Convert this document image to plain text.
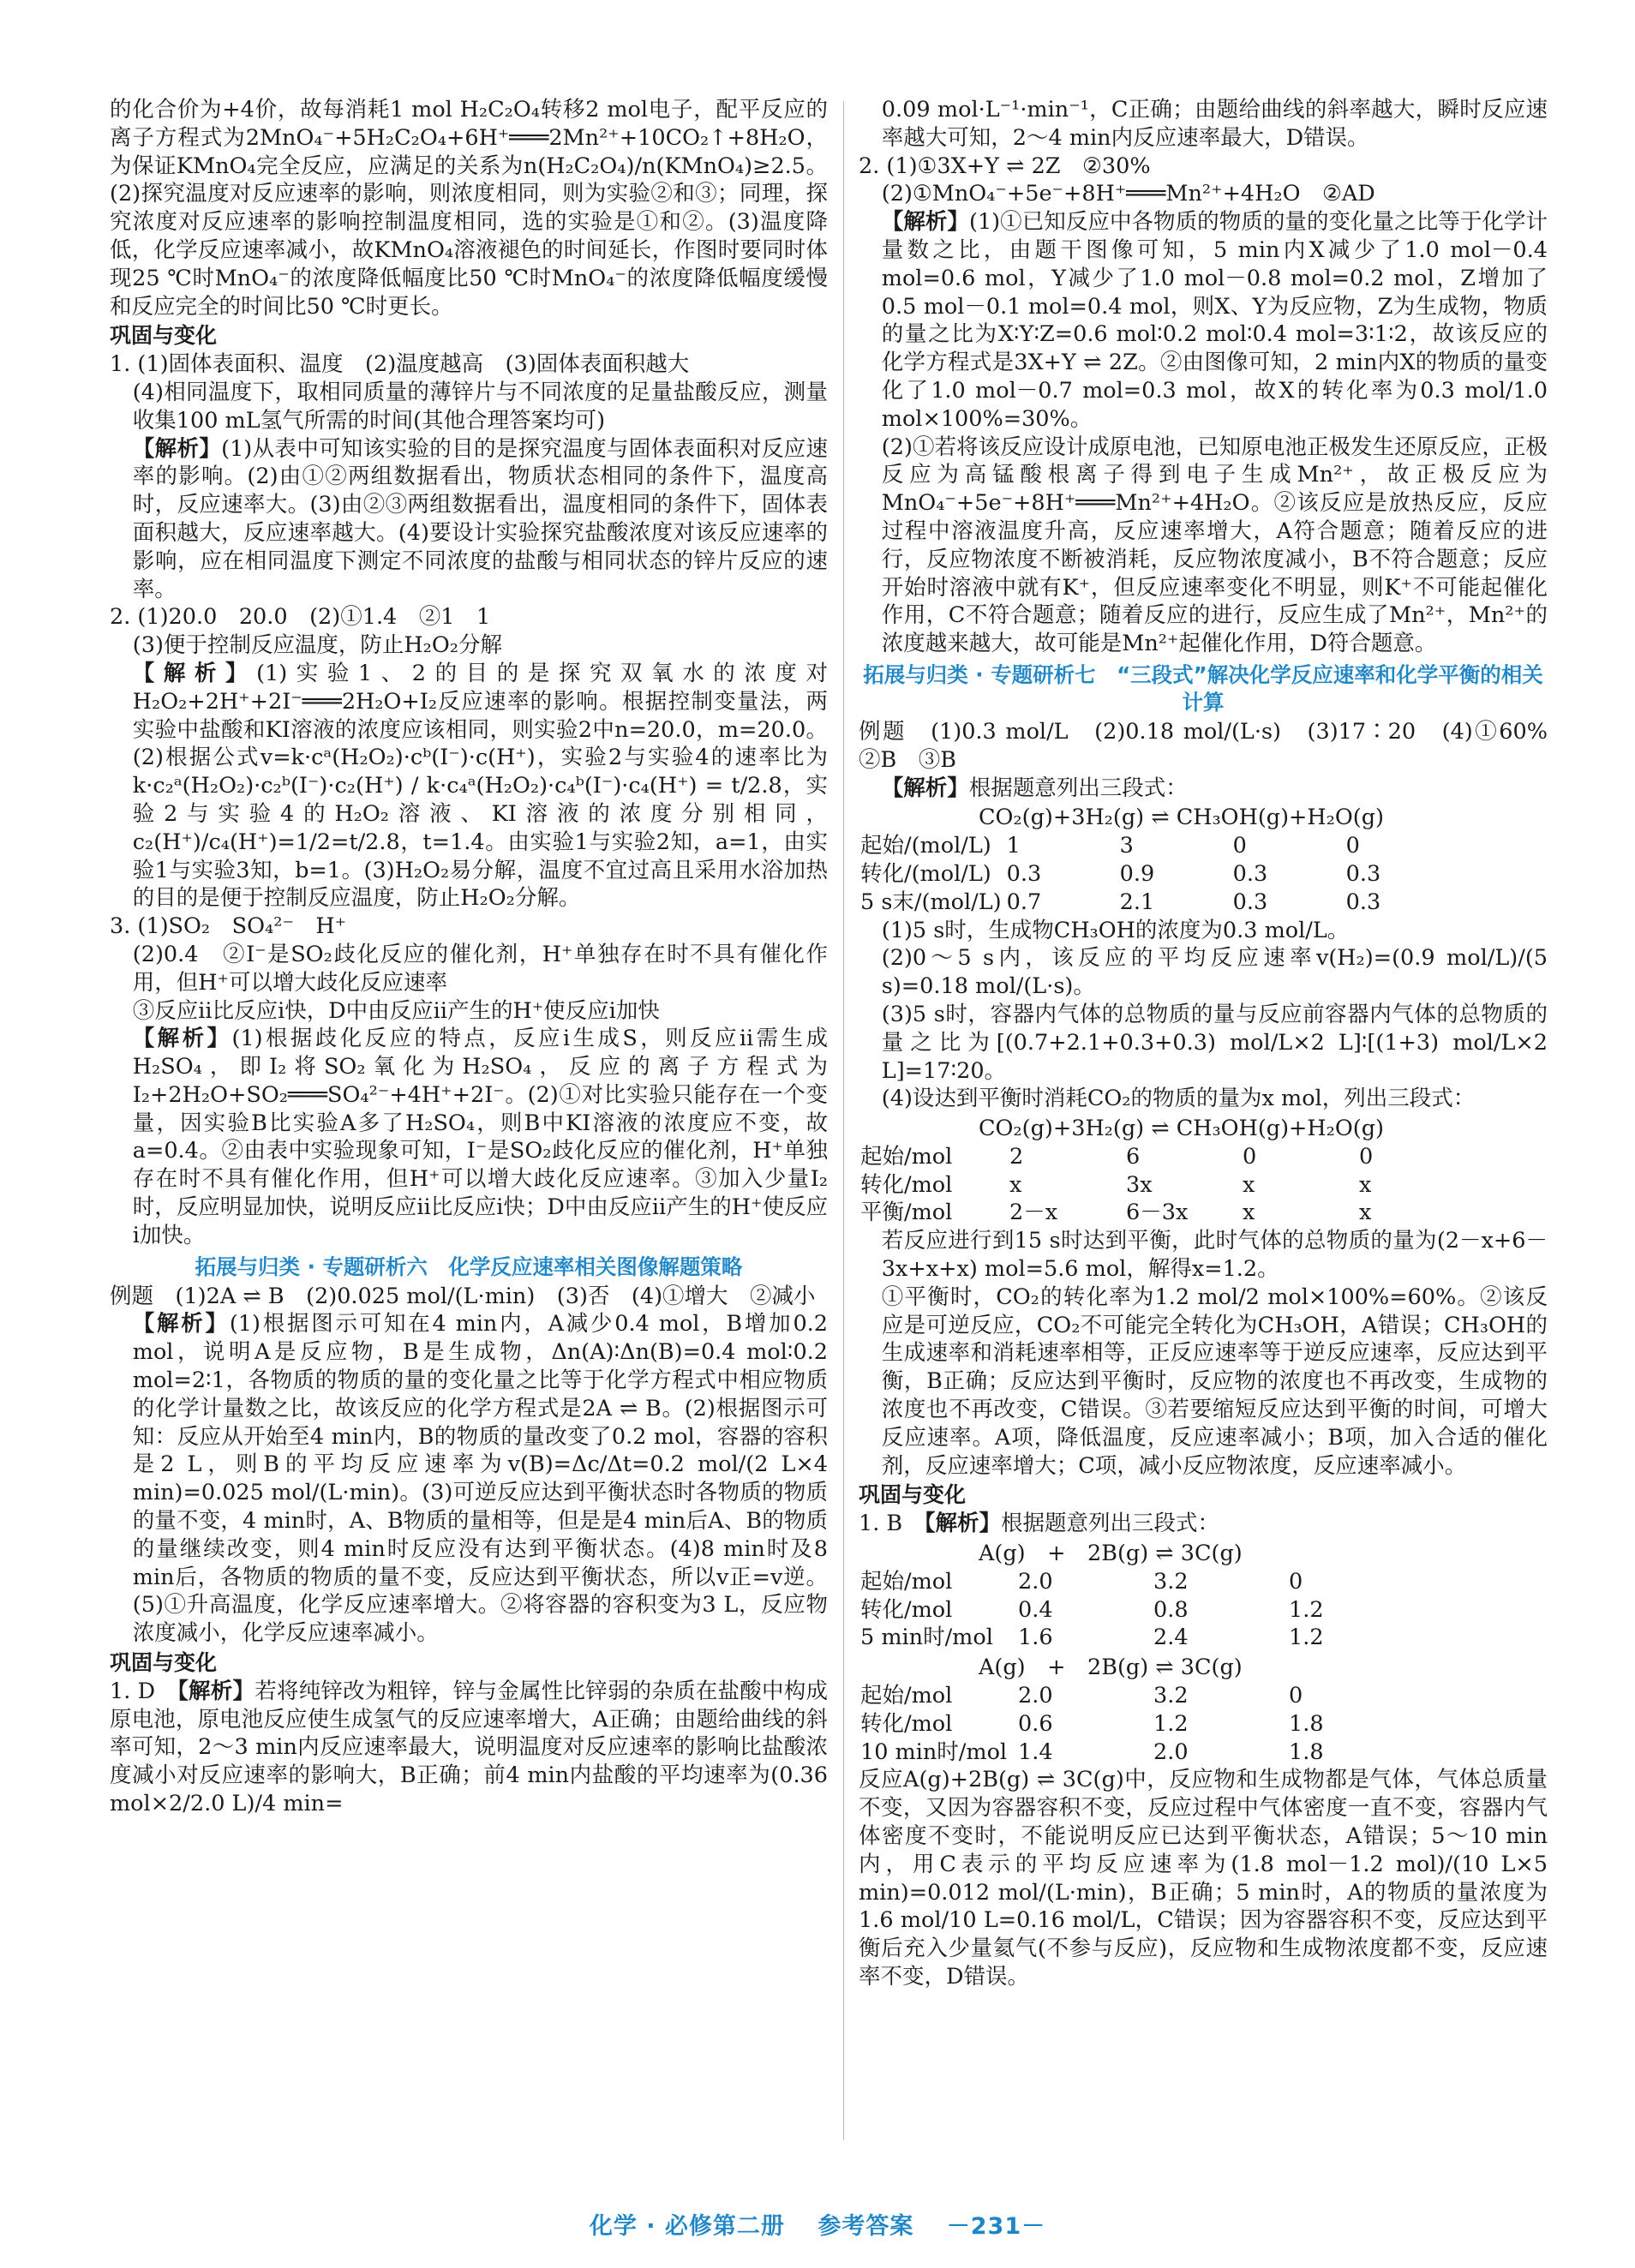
的化合价为+4价，故每消耗1 mol H₂C₂O₄转移2 mol电子，配平反应的离子方程式为2MnO₄⁻+5H₂C₂O₄+6H⁺═══2Mn²⁺+10CO₂↑+8H₂O，为保证KMnO₄完全反应，应满足的关系为n(H₂C₂O₄)/n(KMnO₄)≥2.5。(2)探究温度对反应速率的影响，则浓度相同，则为实验②和③；同理，探究浓度对反应速率的影响控制温度相同，选的实验是①和②。(3)温度降低，化学反应速率减小，故KMnO₄溶液褪色的时间延长，作图时要同时体现25 ℃时MnO₄⁻的浓度降低幅度比50 ℃时MnO₄⁻的浓度降低幅度缓慢和反应完全的时间比50 ℃时更长。

巩固与变化

1. (1)固体表面积、温度　(2)温度越高　(3)固体表面积越大

(4)相同温度下，取相同质量的薄锌片与不同浓度的足量盐酸反应，测量收集100 mL氢气所需的时间(其他合理答案均可)

【解析】(1)从表中可知该实验的目的是探究温度与固体表面积对反应速率的影响。(2)由①②两组数据看出，物质状态相同的条件下，温度高时，反应速率大。(3)由②③两组数据看出，温度相同的条件下，固体表面积越大，反应速率越大。(4)要设计实验探究盐酸浓度对该反应速率的影响，应在相同温度下测定不同浓度的盐酸与相同状态的锌片反应的速率。

2. (1)20.0　20.0　(2)①1.4　②1　1

(3)便于控制反应温度，防止H₂O₂分解

【解析】(1)实验1、2的目的是探究双氧水的浓度对H₂O₂+2H⁺+2I⁻═══2H₂O+I₂反应速率的影响。根据控制变量法，两实验中盐酸和KI溶液的浓度应该相同，则实验2中n=20.0，m=20.0。(2)根据公式v=k·cᵃ(H₂O₂)·cᵇ(I⁻)·c(H⁺)，实验2与实验4的速率比为k·c₂ᵃ(H₂O₂)·c₂ᵇ(I⁻)·c₂(H⁺) / k·c₄ᵃ(H₂O₂)·c₄ᵇ(I⁻)·c₄(H⁺) = t/2.8，实验2与实验4的H₂O₂溶液、KI溶液的浓度分别相同，c₂(H⁺)/c₄(H⁺)=1/2=t/2.8，t=1.4。由实验1与实验2知，a=1，由实验1与实验3知，b=1。(3)H₂O₂易分解，温度不宜过高且采用水浴加热的目的是便于控制反应温度，防止H₂O₂分解。

3. (1)SO₂　SO₄²⁻　H⁺

(2)0.4　②I⁻是SO₂歧化反应的催化剂，H⁺单独存在时不具有催化作用，但H⁺可以增大歧化反应速率

③反应ⅱ比反应ⅰ快，D中由反应ⅱ产生的H⁺使反应ⅰ加快

【解析】(1)根据歧化反应的特点，反应ⅰ生成S，则反应ⅱ需生成H₂SO₄，即I₂将SO₂氧化为H₂SO₄，反应的离子方程式为I₂+2H₂O+SO₂═══SO₄²⁻+4H⁺+2I⁻。(2)①对比实验只能存在一个变量，因实验B比实验A多了H₂SO₄，则B中KI溶液的浓度应不变，故a=0.4。②由表中实验现象可知，I⁻是SO₂歧化反应的催化剂，H⁺单独存在时不具有催化作用，但H⁺可以增大歧化反应速率。③加入少量I₂时，反应明显加快，说明反应ⅱ比反应ⅰ快；D中由反应ⅱ产生的H⁺使反应ⅰ加快。

拓展与归类 · 专题研析六　化学反应速率相关图像解题策略

例题　(1)2A ⇌ B　(2)0.025 mol/(L·min)　(3)否　(4)①增大　②减小

【解析】(1)根据图示可知在4 min内，A减少0.4 mol，B增加0.2 mol，说明A是反应物，B是生成物，Δn(A)∶Δn(B)=0.4 mol∶0.2 mol=2∶1，各物质的物质的量的变化量之比等于化学方程式中相应物质的化学计量数之比，故该反应的化学方程式是2A ⇌ B。(2)根据图示可知：反应从开始至4 min内，B的物质的量改变了0.2 mol，容器的容积是2 L，则B的平均反应速率为v(B)=Δc/Δt=0.2 mol/(2 L×4 min)=0.025 mol/(L·min)。(3)可逆反应达到平衡状态时各物质的物质的量不变，4 min时，A、B物质的量相等，但是是4 min后A、B的物质的量继续改变，则4 min时反应没有达到平衡状态。(4)8 min时及8 min后，各物质的物质的量不变，反应达到平衡状态，所以v正=v逆。(5)①升高温度，化学反应速率增大。②将容器的容积变为3 L，反应物浓度减小，化学反应速率减小。

巩固与变化

1. D　 【解析】若将纯锌改为粗锌，锌与金属性比锌弱的杂质在盐酸中构成原电池，原电池反应使生成氢气的反应速率增大，A正确；由题给曲线的斜率可知，2～3 min内反应速率最大，说明温度对反应速率的影响比盐酸浓度减小对反应速率的影响大，B正确；前4 min内盐酸的平均速率为(0.36 mol×2/2.0 L)/4 min=

0.09 mol·L⁻¹·min⁻¹，C正确；由题给曲线的斜率越大，瞬时反应速率越大可知，2～4 min内反应速率最大，D错误。

2. (1)①3X+Y ⇌ 2Z　②30%

(2)①MnO₄⁻+5e⁻+8H⁺═══Mn²⁺+4H₂O　②AD

【解析】(1)①已知反应中各物质的物质的量的变化量之比等于化学计量数之比，由题干图像可知，5 min内X减少了1.0 mol－0.4 mol=0.6 mol，Y减少了1.0 mol－0.8 mol=0.2 mol，Z增加了0.5 mol－0.1 mol=0.4 mol，则X、Y为反应物，Z为生成物，物质的量之比为X∶Y∶Z=0.6 mol∶0.2 mol∶0.4 mol=3∶1∶2，故该反应的化学方程式是3X+Y ⇌ 2Z。②由图像可知，2 min内X的物质的量变化了1.0 mol－0.7 mol=0.3 mol，故X的转化率为0.3 mol/1.0 mol×100%=30%。

(2)①若将该反应设计成原电池，已知原电池正极发生还原反应，正极反应为高锰酸根离子得到电子生成Mn²⁺，故正极反应为MnO₄⁻+5e⁻+8H⁺═══Mn²⁺+4H₂O。②该反应是放热反应，反应过程中溶液温度升高，反应速率增大，A符合题意；随着反应的进行，反应物浓度不断被消耗，反应物浓度减小，B不符合题意；反应开始时溶液中就有K⁺，但反应速率变化不明显，则K⁺不可能起催化作用，C不符合题意；随着反应的进行，反应生成了Mn²⁺，Mn²⁺的浓度越来越大，故可能是Mn²⁺起催化作用，D符合题意。

拓展与归类 · 专题研析七　“三段式”解决化学反应速率和化学平衡的相关计算

例题　(1)0.3 mol/L　(2)0.18 mol/(L·s)　(3)17∶20　(4)①60%　②B　③B

【解析】根据题意列出三段式：

CO₂(g)+3H₂(g) ⇌ CH₃OH(g)+H₂O(g)
起始/(mol/L)	1	3	0	0
转化/(mol/L)	0.3	0.9	0.3	0.3
5 s末/(mol/L)	0.7	2.1	0.3	0.3

(1)5 s时，生成物CH₃OH的浓度为0.3 mol/L。

(2)0～5 s内，该反应的平均反应速率v(H₂)=(0.9 mol/L)/(5 s)=0.18 mol/(L·s)。

(3)5 s时，容器内气体的总物质的量与反应前容器内气体的总物质的量之比为[(0.7+2.1+0.3+0.3) mol/L×2 L]∶[(1+3) mol/L×2 L]=17∶20。

(4)设达到平衡时消耗CO₂的物质的量为x mol，列出三段式：

CO₂(g)+3H₂(g) ⇌ CH₃OH(g)+H₂O(g)
起始/mol	2	6	0	0
转化/mol	x	3x	x	x
平衡/mol	2－x	6－3x	x	x

若反应进行到15 s时达到平衡，此时气体的总物质的量为(2－x+6－3x+x+x) mol=5.6 mol，解得x=1.2。

①平衡时，CO₂的转化率为1.2 mol/2 mol×100%=60%。②该反应是可逆反应，CO₂不可能完全转化为CH₃OH，A错误；CH₃OH的生成速率和消耗速率相等，正反应速率等于逆反应速率，反应达到平衡，B正确；反应达到平衡时，反应物的浓度也不再改变，生成物的浓度也不再改变，C错误。③若要缩短反应达到平衡的时间，可增大反应速率。A项，降低温度，反应速率减小；B项，加入合适的催化剂，反应速率增大；C项，减小反应物浓度，反应速率减小。

巩固与变化

1. B　 【解析】根据题意列出三段式：

A(g)　+　2B(g) ⇌ 3C(g)
起始/mol	2.0	3.2	0
转化/mol	0.4	0.8	1.2
5 min时/mol	1.6	2.4	1.2
A(g)　+　2B(g) ⇌ 3C(g)
起始/mol	2.0	3.2	0
转化/mol	0.6	1.2	1.8
10 min时/mol	1.4	2.0	1.8

反应A(g)+2B(g) ⇌ 3C(g)中，反应物和生成物都是气体，气体总质量不变，又因为容器容积不变，反应过程中气体密度一直不变，容器内气体密度不变时，不能说明反应已达到平衡状态，A错误；5～10 min内，用C表示的平均反应速率为(1.8 mol－1.2 mol)/(10 L×5 min)=0.012 mol/(L·min)，B正确；5 min时，A的物质的量浓度为1.6 mol/10 L=0.16 mol/L，C错误；因为容器容积不变，反应达到平衡后充入少量氦气(不参与反应)，反应物和生成物浓度都不变，反应速率不变，D错误。

化学 · 必修第二册 参考答案 －231－
